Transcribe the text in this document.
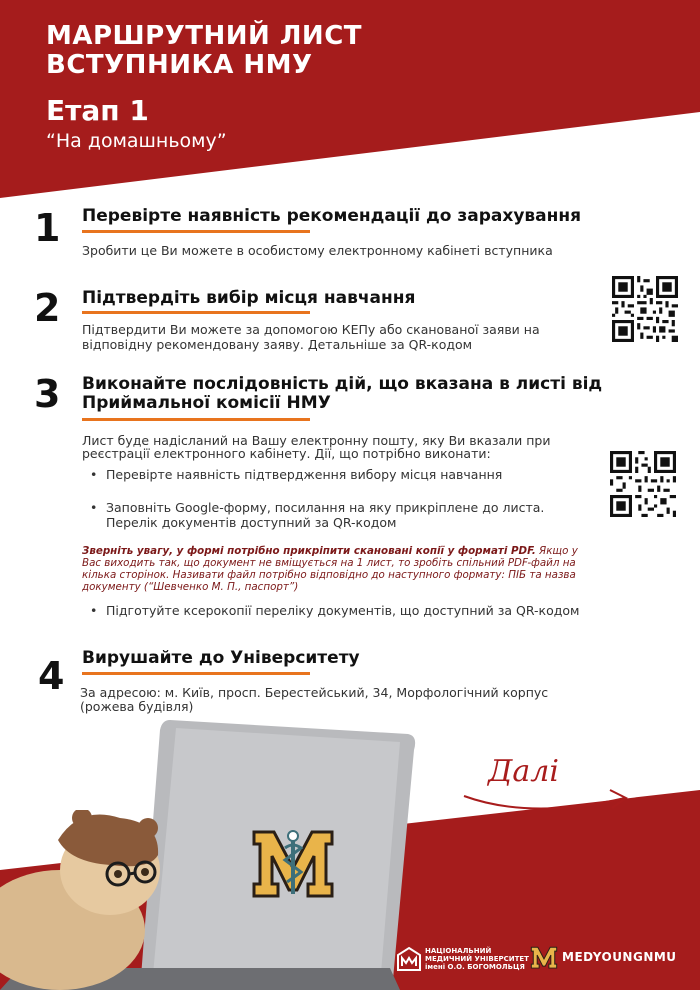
МАРШРУТНИЙ ЛИСТ
ВСТУПНИКА НМУ
Етап 1
“На домашньому”
1 Перевірте наявність рекомендації до зарахування
Зробити це Ви можете в особистому електронному кабінеті вступника
2 Підтвердіть вибір місця навчання
Підтвердити Ви можете за допомогою КЕПу або сканованої заяви на
відповідну рекомендовану заяву. Детальніше за QR-кодом
3 Виконайте послідовність дій, що вказана в листі від
Приймальної комісії НМУ
Лист буде надісланий на Вашу електронну пошту, яку Ви вказали при
реєстрації електронного кабінету. Дії, що потрібно виконати:
• Перевірте наявність підтвердження вибору місця навчання
• Заповніть Google-форму, посилання на яку прикріплене до листа.
Перелік документів доступний за QR-кодом
Зверніть увагу, у формі потрібно прикріпити скановані копії у форматі PDF. Якщо у Вас виходить так, що документ не вміщується на 1 лист, то зробіть спільний PDF-файл на кілька сторінок. Називати файл потрібно відповідно до наступного формату: ПІБ та назва документу (“Шевченко М. П., паспорт”)
• Підготуйте ксерокопії переліку документів, що доступний за QR-кодом
4 Вирушайте до Університету
За адресою: м. Київ, просп. Берестейський, 34, Морфологічний корпус
(рожева будівля)
Далі
НАЦІОНАЛЬНИЙ
МЕДИЧНИЙ УНІВЕРСИТЕТ
імені О.О. БОГОМОЛЬЦЯ
MEDYOUNGNMU
